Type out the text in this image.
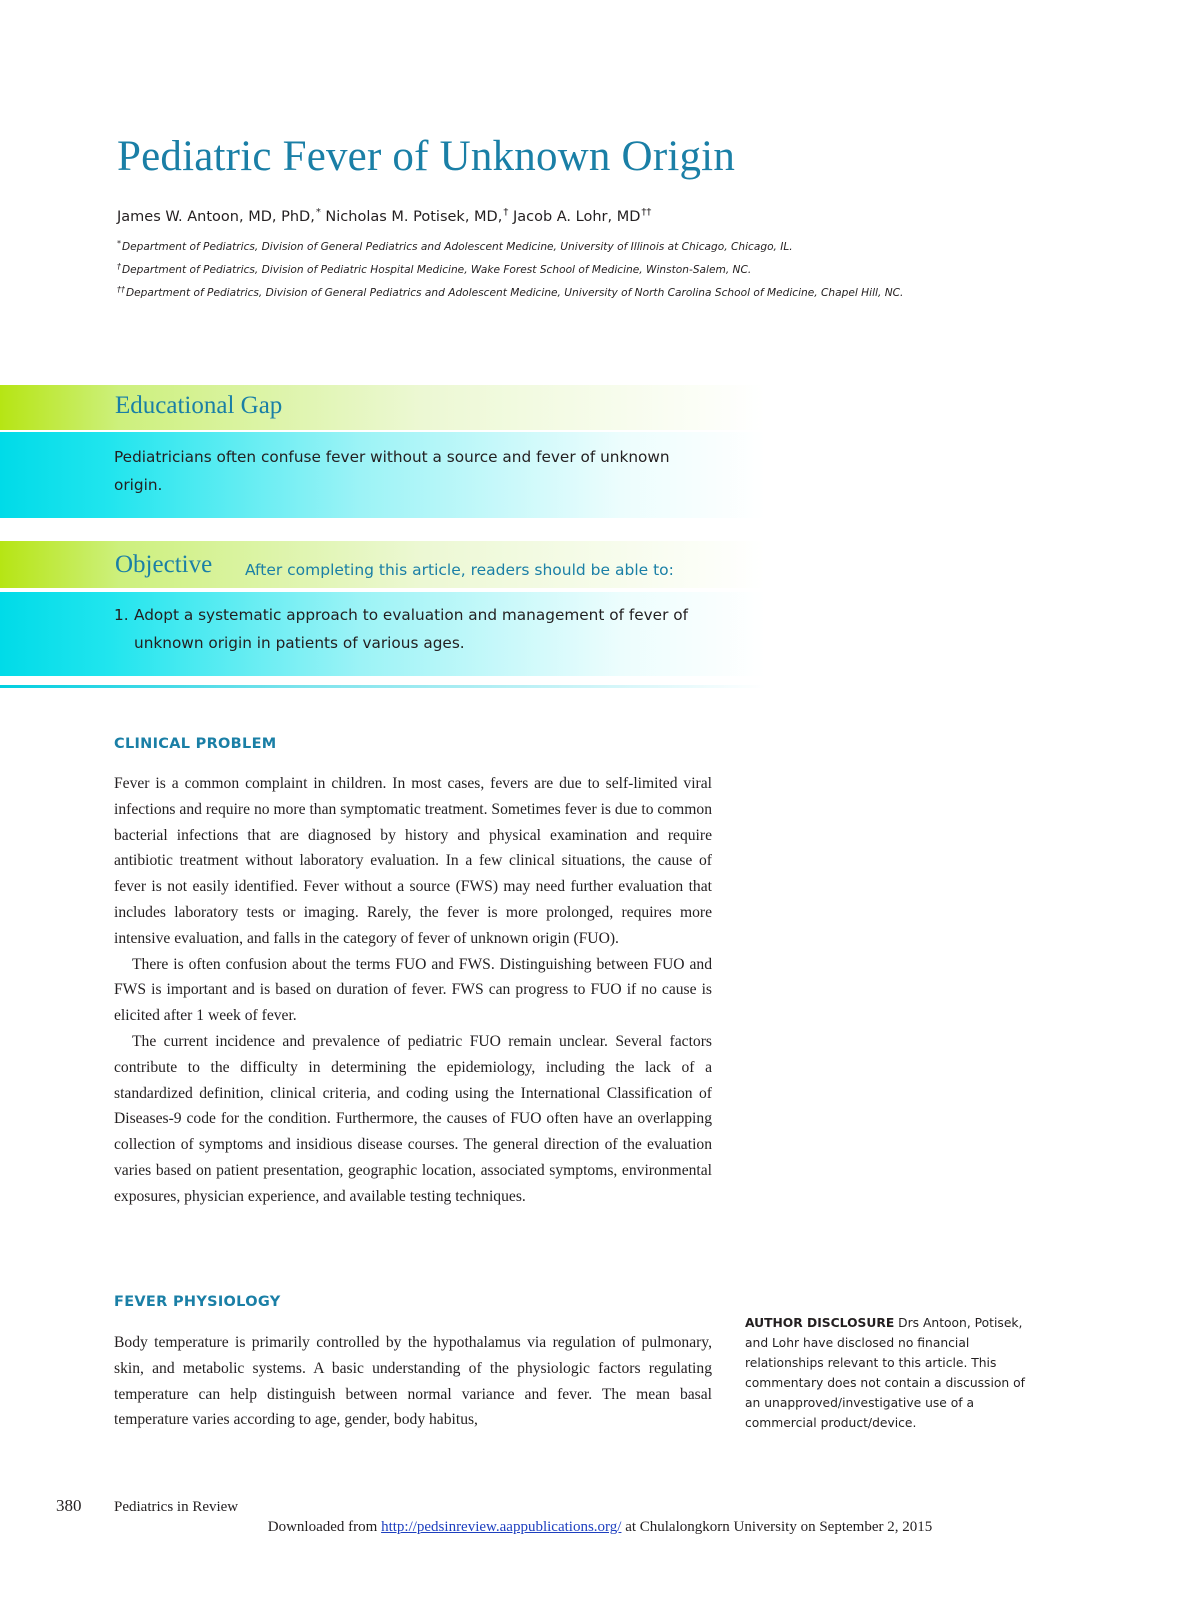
Pediatric Fever of Unknown Origin
James W. Antoon, MD, PhD,* Nicholas M. Potisek, MD,† Jacob A. Lohr, MD††
*Department of Pediatrics, Division of General Pediatrics and Adolescent Medicine, University of Illinois at Chicago, Chicago, IL.
†Department of Pediatrics, Division of Pediatric Hospital Medicine, Wake Forest School of Medicine, Winston-Salem, NC.
††Department of Pediatrics, Division of General Pediatrics and Adolescent Medicine, University of North Carolina School of Medicine, Chapel Hill, NC.
Educational Gap
Pediatricians often confuse fever without a source and fever of unknown origin.
Objective After completing this article, readers should be able to:
1. Adopt a systematic approach to evaluation and management of fever of unknown origin in patients of various ages.
CLINICAL PROBLEM

Fever is a common complaint in children. In most cases, fevers are due to self-limited viral infections and require no more than symptomatic treatment. Sometimes fever is due to common bacterial infections that are diagnosed by history and physical examination and require antibiotic treatment without laboratory evaluation. In a few clinical situations, the cause of fever is not easily identified. Fever without a source (FWS) may need further evaluation that includes laboratory tests or imaging. Rarely, the fever is more prolonged, requires more intensive evaluation, and falls in the category of fever of unknown origin (FUO).

There is often confusion about the terms FUO and FWS. Distinguishing between FUO and FWS is important and is based on duration of fever. FWS can progress to FUO if no cause is elicited after 1 week of fever.

The current incidence and prevalence of pediatric FUO remain unclear. Several factors contribute to the difficulty in determining the epidemiology, including the lack of a standardized definition, clinical criteria, and coding using the International Classification of Diseases-9 code for the condition. Furthermore, the causes of FUO often have an overlapping collection of symptoms and insidious disease courses. The general direction of the evaluation varies based on patient presentation, geographic location, associated symptoms, environmental exposures, physician experience, and available testing techniques.

FEVER PHYSIOLOGY

Body temperature is primarily controlled by the hypothalamus via regulation of pulmonary, skin, and metabolic systems. A basic understanding of the physiologic factors regulating temperature can help distinguish between normal variance and fever. The mean basal temperature varies according to age, gender, body habitus,

AUTHOR DISCLOSURE Drs Antoon, Potisek, and Lohr have disclosed no financial relationships relevant to this article. This commentary does not contain a discussion of an unapproved/investigative use of a commercial product/device.
380 Pediatrics in Review
Downloaded from http://pedsinreview.aappublications.org/ at Chulalongkorn University on September 2, 2015
